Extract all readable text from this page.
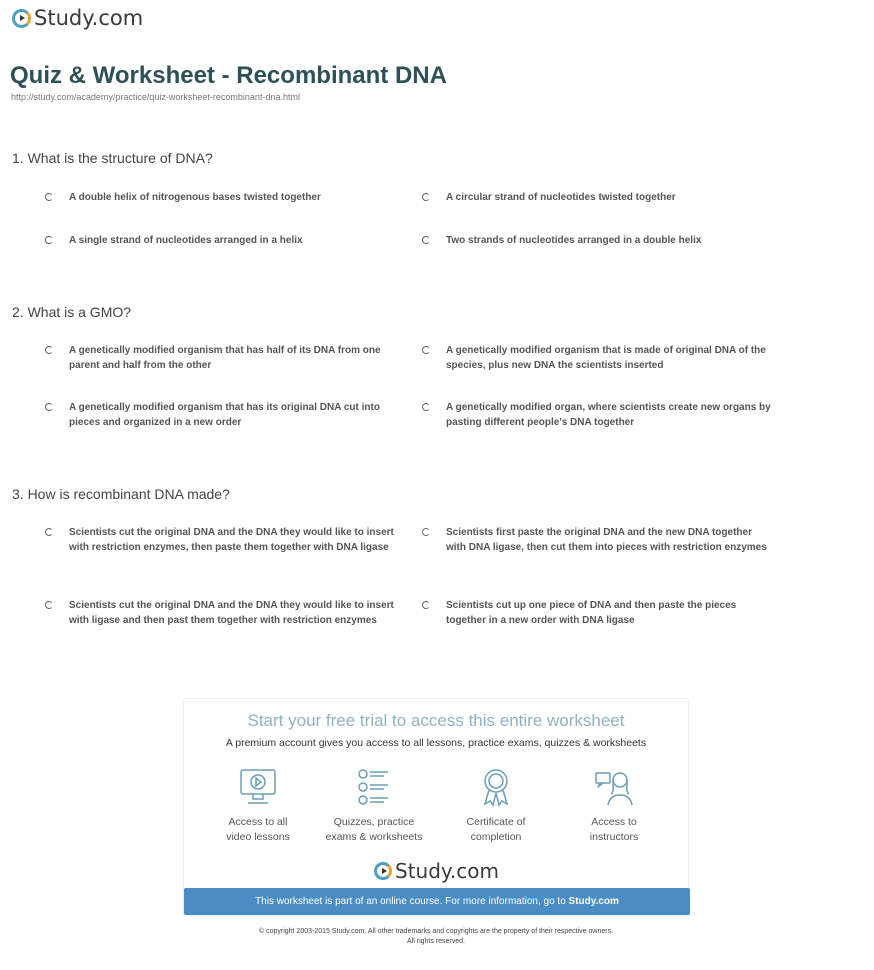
Study.com
Quiz & Worksheet - Recombinant DNA
http://study.com/academy/practice/quiz-worksheet-recombinant-dna.html
1. What is the structure of DNA?
A double helix of nitrogenous bases twisted together	A circular strand of nucleotides twisted together
A single strand of nucleotides arranged in a helix	Two strands of nucleotides arranged in a double helix
2. What is a GMO?
A genetically modified organism that has half of its DNA from one parent and half from the other
A genetically modified organism that is made of original DNA of the species, plus new DNA the scientists inserted
A genetically modified organism that has its original DNA cut into pieces and organized in a new order
A genetically modified organ, where scientists create new organs by pasting different people's DNA together
3. How is recombinant DNA made?
Scientists cut the original DNA and the DNA they would like to insert with restriction enzymes, then paste them together with DNA ligase
Scientists first paste the original DNA and the new DNA together with DNA ligase, then cut them into pieces with restriction enzymes
Scientists cut the original DNA and the DNA they would like to insert with ligase and then past them together with restriction enzymes
Scientists cut up one piece of DNA and then paste the pieces together in a new order with DNA ligase
Start your free trial to access this entire worksheet
A premium account gives you access to all lessons, practice exams, quizzes & worksheets
Access to all
video lessons
Quizzes, practice
exams & worksheets
Certificate of
completion
Access to
instructors
Study.com
This worksheet is part of an online course. For more information, go to Study.com
© copyright 2003-2015 Study.com. All other trademarks and copyrights are the property of their respective owners.
All rights reserved.
